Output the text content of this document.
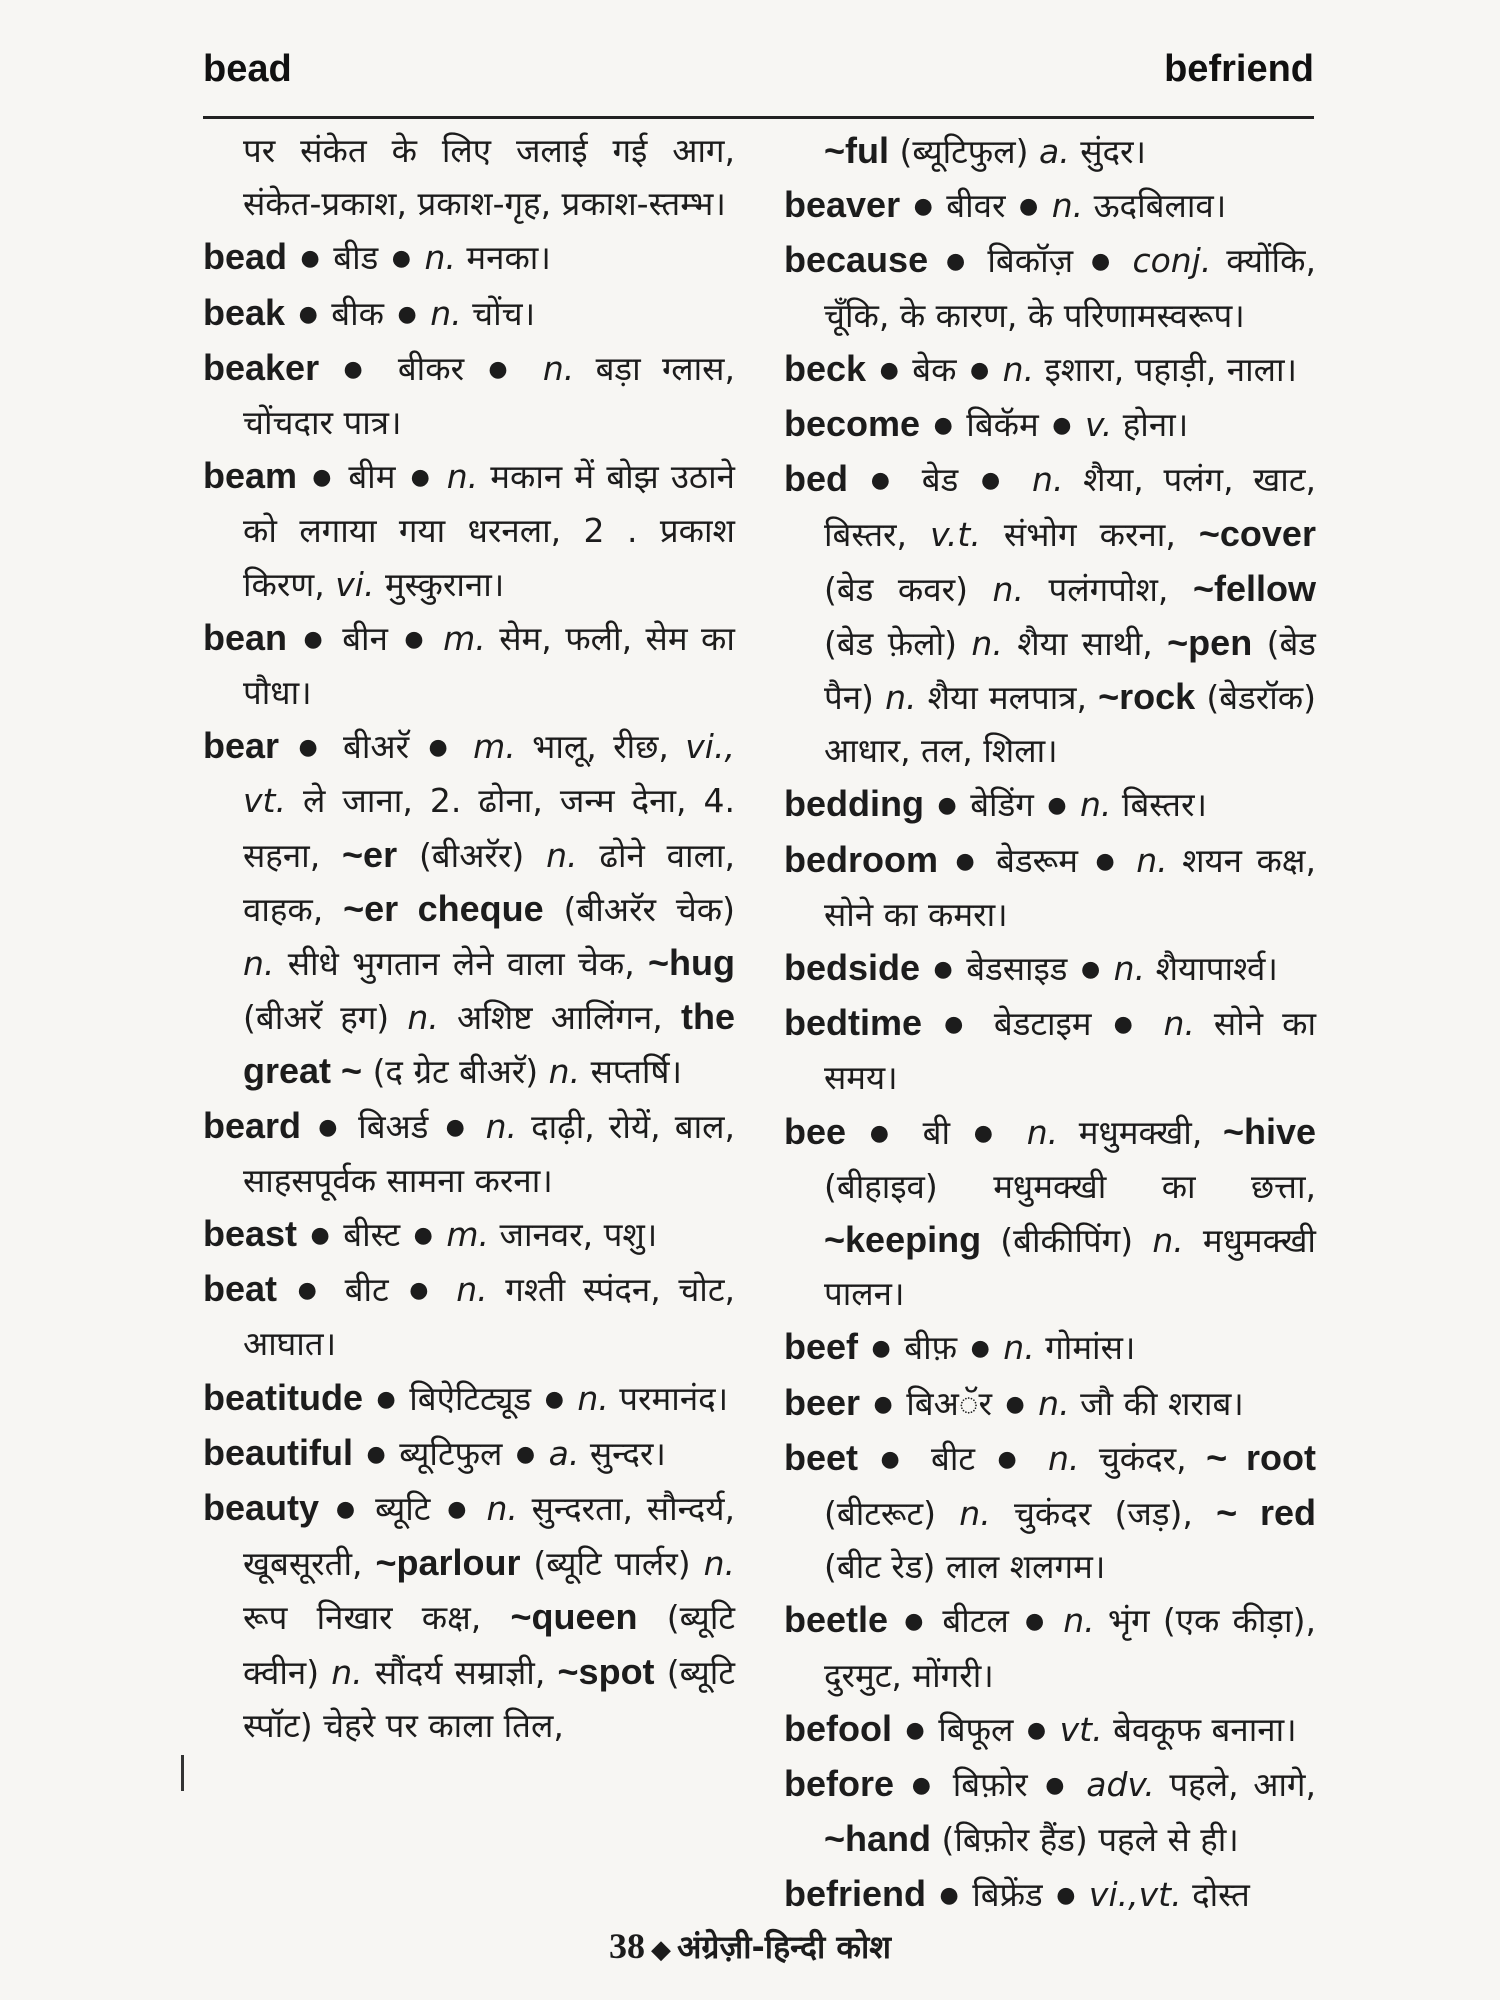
bead	befriend

पर संकेत के लिए जलाई गई आग, संकेत-प्रकाश, प्रकाश-गृह, प्रकाश-स्तम्भ।

bead ● बीड ● n. मनका।

beak ● बीक ● n. चोंच।

beaker ● बीकर ● n. बड़ा ग्लास, चोंचदार पात्र।

beam ● बीम ● n. मकान में बोझ उठाने को लगाया गया धरनला, 2 . प्रकाश किरण, vi. मुस्कुराना।

bean ● बीन ● m. सेम, फली, सेम का पौधा।

bear ● बीअरॅ ● m. भालू, रीछ, vi., vt. ले जाना, 2. ढोना, जन्म देना, 4. सहना, ~er (बीअरॅर) n. ढोने वाला, वाहक, ~er cheque (बीअरॅर चेक) n. सीधे भुगतान लेने वाला चेक, ~hug (बीअरॅ हग) n. अशिष्ट आलिंगन, the great ~ (द ग्रेट बीअरॅ) n. सप्तर्षि।

beard ● बिअर्ड ● n. दाढ़ी, रोयें, बाल, साहसपूर्वक सामना करना।

beast ● बीस्ट ● m. जानवर, पशु।

beat ● बीट ● n. गश्ती स्पंदन, चोट, आघात।

beatitude ● बिऐटिट्यूड ● n. परमानंद।

beautiful ● ब्यूटिफुल ● a. सुन्दर।

beauty ● ब्यूटि ● n. सुन्दरता, सौन्दर्य, खूबसूरती, ~parlour (ब्यूटि पार्लर) n. रूप निखार कक्ष, ~queen (ब्यूटि क्वीन) n. सौंदर्य सम्राज्ञी, ~spot (ब्यूटि स्पॉट) चेहरे पर काला तिल,

~ful (ब्यूटिफुल) a. सुंदर।

beaver ● बीवर ● n. ऊदबिलाव।

because ● बिकॉज़ ● conj. क्योंकि, चूँकि, के कारण, के परिणामस्वरूप।

beck ● बेक ● n. इशारा, पहाड़ी, नाला।

become ● बिकॅम ● v. होना।

bed ● बेड ● n. शैया, पलंग, खाट, बिस्तर, v.t. संभोग करना, ~cover (बेड कवर) n. पलंगपोश, ~fellow (बेड फ़ेलो) n. शैया साथी, ~pen (बेड पैन) n. शैया मलपात्र, ~rock (बेडरॉक) आधार, तल, शिला।

bedding ● बेडिंग ● n. बिस्तर।

bedroom ● बेडरूम ● n. शयन कक्ष, सोने का कमरा।

bedside ● बेडसाइड ● n. शैयापार्श्व।

bedtime ● बेडटाइम ● n. सोने का समय।

bee ● बी ● n. मधुमक्खी, ~hive (बीहाइव) मधुमक्खी का छत्ता, ~keeping (बीकीपिंग) n. मधुमक्खी पालन।

beef ● बीफ़ ● n. गोमांस।

beer ● बिअॅर ● n. जौ की शराब।

beet ● बीट ● n. चुकंदर, ~ root (बीटरूट) n. चुकंदर (जड़), ~ red (बीट रेड) लाल शलगम।

beetle ● बीटल ● n. भृंग (एक कीड़ा), दुरमुट, मोंगरी।

befool ● बिफूल ● vt. बेवकूफ बनाना।

before ● बिफ़ोर ● adv. पहले, आगे, ~hand (बिफ़ोर हैंड) पहले से ही।

befriend ● बिफ्रेंड ● vi.,vt. दोस्त

38 ◆ अंग्रेज़ी-हिन्दी कोश
